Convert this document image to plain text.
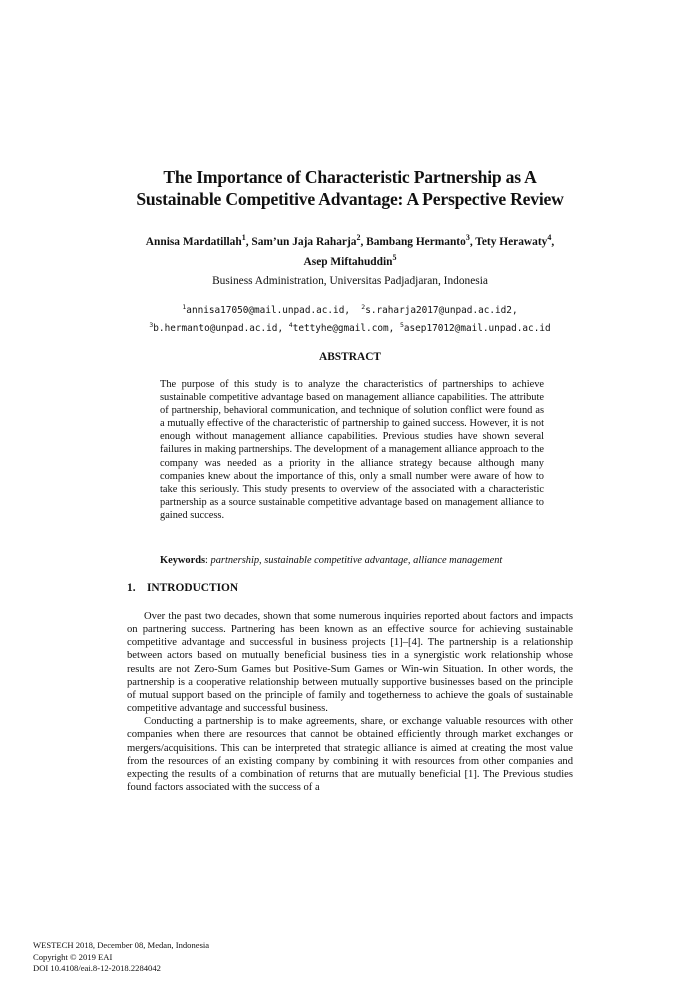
The Importance of Characteristic Partnership as A
Sustainable Competitive Advantage: A Perspective Review
Annisa Mardatillah$^1$, Sam’un Jaja Raharja$^2$, Bambang Hermanto$^3$, Tety Herawaty$^4$,
Asep Miftahuddin$^5$
Business Administration, Universitas Padjadjaran, Indonesia
$^1$annisa17050@mail.unpad.ac.id, $^2$s.raharja2017@unpad.ac.id2,
$^3$b.hermanto@unpad.ac.id, $^4$tettyhe@gmail.com, $^5$asep17012@mail.unpad.ac.id
ABSTRACT
The purpose of this study is to analyze the characteristics of partnerships to achieve sustainable competitive advantage based on management alliance capabilities. The attribute of partnership, behavioral communication, and technique of solution conflict were found as a mutually effective of the characteristic of partnership to gained success. However, it is not enough without management alliance capabilities. Previous studies have shown several failures in making partnerships. The development of a management alliance approach to the company was needed as a priority in the alliance strategy because although many companies knew about the importance of this, only a small number were aware of how to take this seriously. This study presents to overview of the associated with a characteristic partnership as a source sustainable competitive advantage based on management alliance to gained success.
Keywords: partnership, sustainable competitive advantage, alliance management
1. INTRODUCTION

Over the past two decades, shown that some numerous inquiries reported about factors and impacts on partnering success. Partnering has been known as an effective source for achieving sustainable competitive advantage and successful in business projects [1]–[4]. The partnership is a relationship between actors based on mutually beneficial business ties in a synergistic work relationship whose results are not Zero-Sum Games but Positive-Sum Games or Win-win Situation. In other words, the partnership is a cooperative relationship between mutually supportive businesses based on the principle of mutual support based on the principle of family and togetherness to achieve the goals of sustainable competitive advantage and successful business.

Conducting a partnership is to make agreements, share, or exchange valuable resources with other companies when there are resources that cannot be obtained efficiently through market exchanges or mergers/acquisitions. This can be interpreted that strategic alliance is aimed at creating the most value from the resources of an existing company by combining it with resources from other companies and expecting the results of a combination of returns that are mutually beneficial [1]. The Previous studies found factors associated with the success of a

WESTECH 2018, December 08, Medan, Indonesia
Copyright © 2019 EAI
DOI 10.4108/eai.8-12-2018.2284042
